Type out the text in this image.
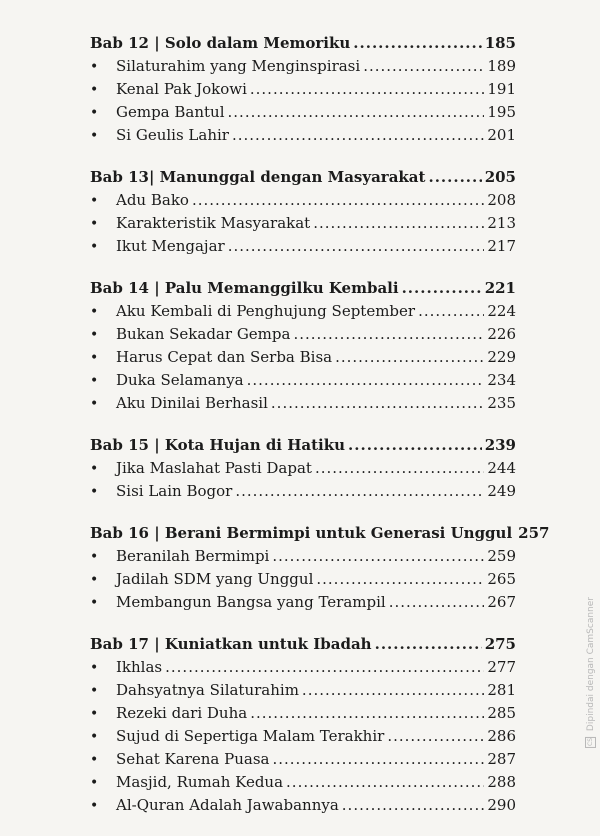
Bab 12 | Solo dalam Memoriku .....	185
•	Silaturahim yang Menginspirasi .....	189
•	Kenal Pak Jokowi .....	191
•	Gempa Bantul .....	195
•	Si Geulis Lahir .....	201
Bab 13| Manunggal dengan Masyarakat .....	205
•	Adu Bako .....	208
•	Karakteristik Masyarakat .....	213
•	Ikut Mengajar .....	217
Bab 14 | Palu Memanggilku Kembali .....	221
•	Aku Kembali di Penghujung September .....	224
•	Bukan Sekadar Gempa .....	226
•	Harus Cepat dan Serba Bisa .....	229
•	Duka Selamanya .....	234
•	Aku Dinilai Berhasil .....	235
Bab 15 | Kota Hujan di Hatiku .....	239
•	Jika Maslahat Pasti Dapat .....	244
•	Sisi Lain Bogor .....	249
Bab 16 | Berani Bermimpi untuk Generasi Unggul 257
•	Beranilah Bermimpi .....	259
•	Jadilah SDM yang Unggul .....	265
•	Membangun Bangsa yang Terampil .....	267
Bab 17 | Kuniatkan untuk Ibadah .....	275
•	Ikhlas .....	277
•	Dahsyatnya Silaturahim .....	281
•	Rezeki dari Duha .....	285
•	Sujud di Sepertiga Malam Terakhir .....	286
•	Sehat Karena Puasa .....	287
•	Masjid, Rumah Kedua .....	288
•	Al-Quran Adalah Jawabannya .....	290
CS Dipindai dengan CamScanner
